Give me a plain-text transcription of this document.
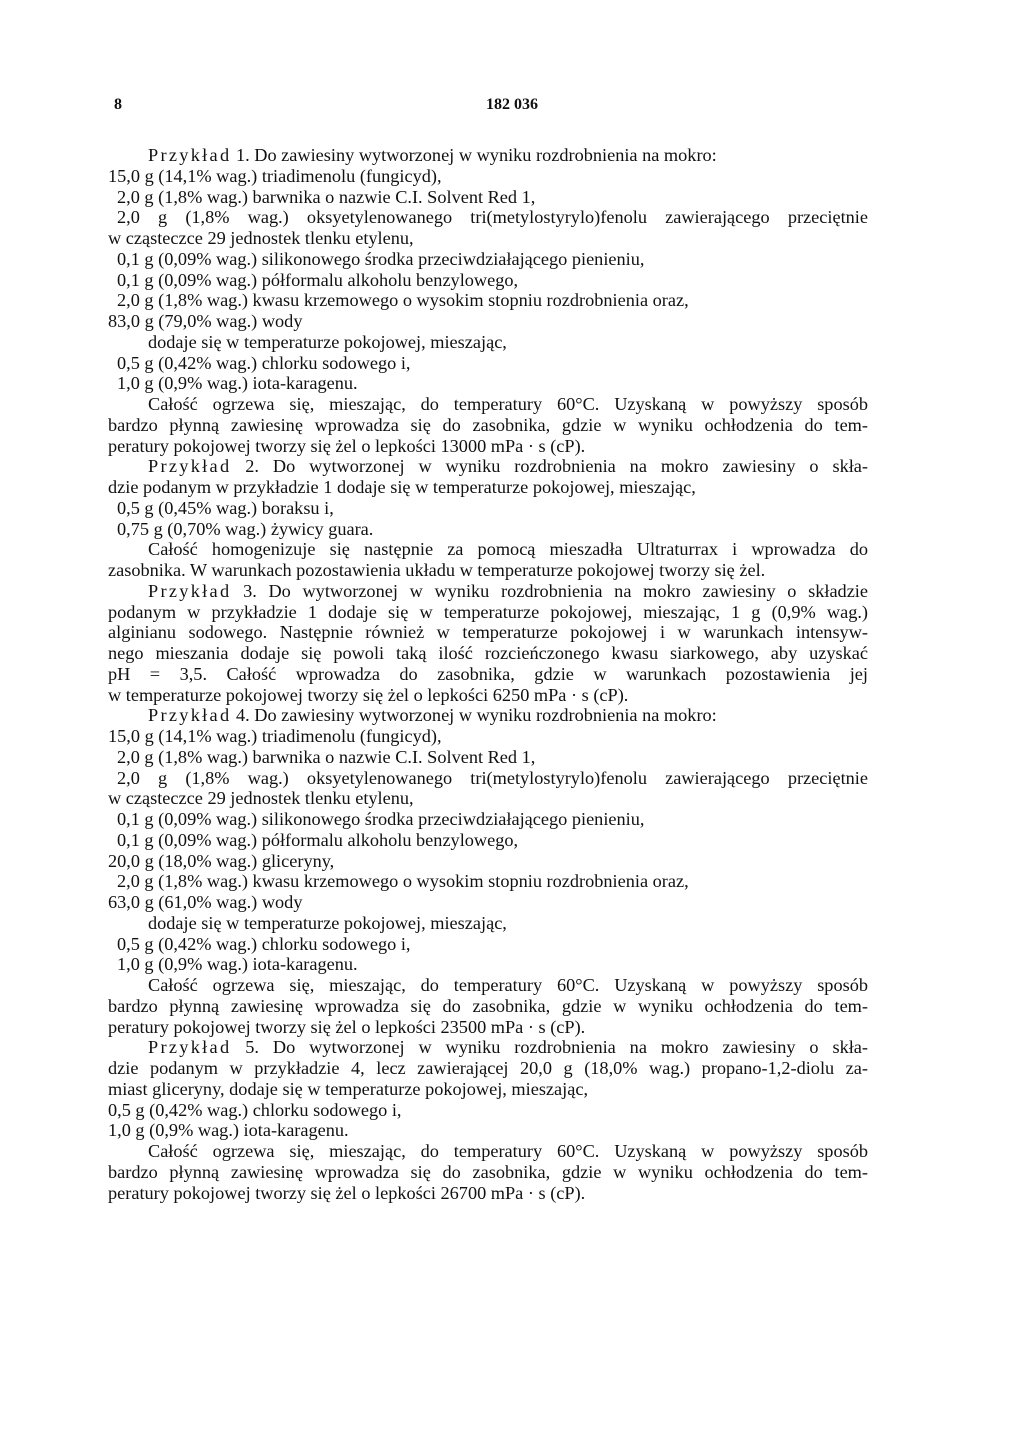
8	182 036
Przykład 1. Do zawiesiny wytworzonej w wyniku rozdrobnienia na mokro:
15,0 g (14,1% wag.) triadimenolu (fungicyd),
2,0 g (1,8% wag.) barwnika o nazwie C.I. Solvent Red 1,
2,0 g (1,8% wag.) oksyetylenowanego tri(metylostyrylo)fenolu zawierającego przeciętnie
w cząsteczce 29 jednostek tlenku etylenu,
0,1 g (0,09% wag.) silikonowego środka przeciwdziałającego pienieniu,
0,1 g (0,09% wag.) półformalu alkoholu benzylowego,
2,0 g (1,8% wag.) kwasu krzemowego o wysokim stopniu rozdrobnienia oraz,
83,0 g (79,0% wag.) wody
dodaje się w temperaturze pokojowej, mieszając,
0,5 g (0,42% wag.) chlorku sodowego i,
1,0 g (0,9% wag.) iota-karagenu.
Całość ogrzewa się, mieszając, do temperatury 60°C. Uzyskaną w powyższy sposób
bardzo płynną zawiesinę wprowadza się do zasobnika, gdzie w wyniku ochłodzenia do tem-
peratury pokojowej tworzy się żel o lepkości 13000 mPa · s (cP).
Przykład 2. Do wytworzonej w wyniku rozdrobnienia na mokro zawiesiny o skła-
dzie podanym w przykładzie 1 dodaje się w temperaturze pokojowej, mieszając,
0,5 g (0,45% wag.) boraksu i,
0,75 g (0,70% wag.) żywicy guara.
Całość homogenizuje się następnie za pomocą mieszadła Ultraturrax i wprowadza do
zasobnika. W warunkach pozostawienia układu w temperaturze pokojowej tworzy się żel.
Przykład 3. Do wytworzonej w wyniku rozdrobnienia na mokro zawiesiny o składzie
podanym w przykładzie 1 dodaje się w temperaturze pokojowej, mieszając, 1 g (0,9% wag.)
alginianu sodowego. Następnie również w temperaturze pokojowej i w warunkach intensyw-
nego mieszania dodaje się powoli taką ilość rozcieńczonego kwasu siarkowego, aby uzyskać
pH = 3,5. Całość wprowadza do zasobnika, gdzie w warunkach pozostawienia jej
w temperaturze pokojowej tworzy się żel o lepkości 6250 mPa · s (cP).
Przykład 4. Do zawiesiny wytworzonej w wyniku rozdrobnienia na mokro:
15,0 g (14,1% wag.) triadimenolu (fungicyd),
2,0 g (1,8% wag.) barwnika o nazwie C.I. Solvent Red 1,
2,0 g (1,8% wag.) oksyetylenowanego tri(metylostyrylo)fenolu zawierającego przeciętnie
w cząsteczce 29 jednostek tlenku etylenu,
0,1 g (0,09% wag.) silikonowego środka przeciwdziałającego pienieniu,
0,1 g (0,09% wag.) półformalu alkoholu benzylowego,
20,0 g (18,0% wag.) gliceryny,
2,0 g (1,8% wag.) kwasu krzemowego o wysokim stopniu rozdrobnienia oraz,
63,0 g (61,0% wag.) wody
dodaje się w temperaturze pokojowej, mieszając,
0,5 g (0,42% wag.) chlorku sodowego i,
1,0 g (0,9% wag.) iota-karagenu.
Całość ogrzewa się, mieszając, do temperatury 60°C. Uzyskaną w powyższy sposób
bardzo płynną zawiesinę wprowadza się do zasobnika, gdzie w wyniku ochłodzenia do tem-
peratury pokojowej tworzy się żel o lepkości 23500 mPa · s (cP).
Przykład 5. Do wytworzonej w wyniku rozdrobnienia na mokro zawiesiny o skła-
dzie podanym w przykładzie 4, lecz zawierającej 20,0 g (18,0% wag.) propano-1,2-diolu za-
miast gliceryny, dodaje się w temperaturze pokojowej, mieszając,
0,5 g (0,42% wag.) chlorku sodowego i,
1,0 g (0,9% wag.) iota-karagenu.
Całość ogrzewa się, mieszając, do temperatury 60°C. Uzyskaną w powyższy sposób
bardzo płynną zawiesinę wprowadza się do zasobnika, gdzie w wyniku ochłodzenia do tem-
peratury pokojowej tworzy się żel o lepkości 26700 mPa · s (cP).
